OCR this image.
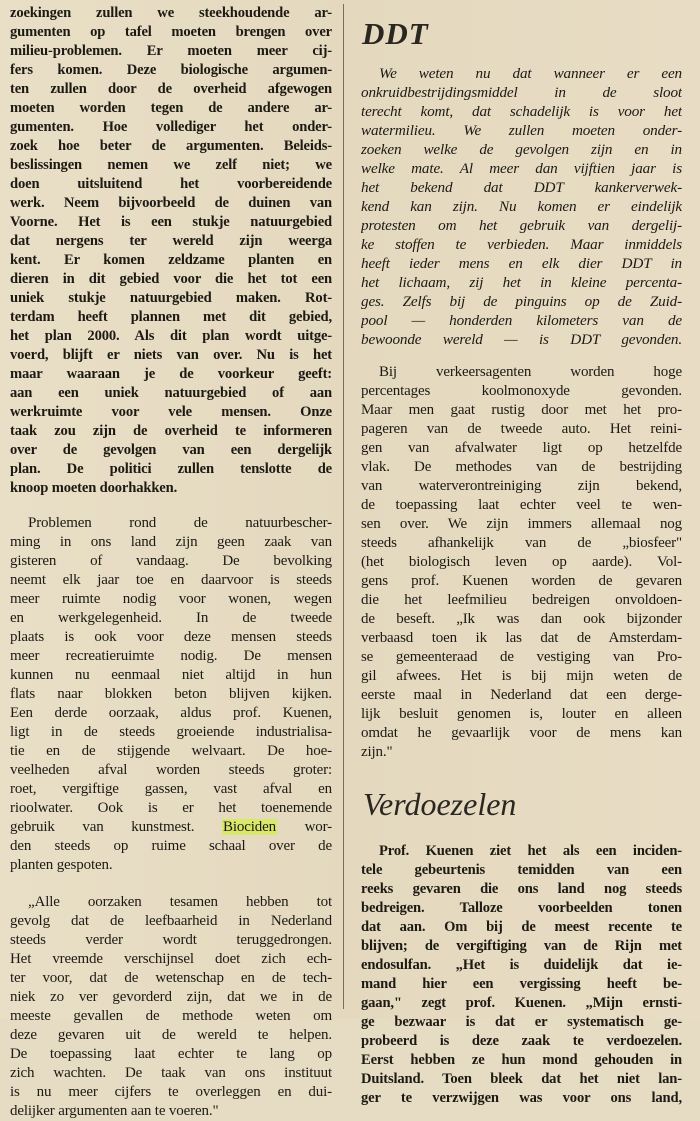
zoekingen zullen we steekhoudende ar-
gumenten op tafel moeten brengen over
milieu-problemen. Er moeten meer cij-
fers komen. Deze biologische argumen-
ten zullen door de overheid afgewogen
moeten worden tegen de andere ar-
gumenten. Hoe vollediger het onder-
zoek hoe beter de argumenten. Beleids-
beslissingen nemen we zelf niet; we
doen uitsluitend het voorbereidende
werk. Neem bijvoorbeeld de duinen van
Voorne. Het is een stukje natuurgebied
dat nergens ter wereld zijn weerga
kent. Er komen zeldzame planten en
dieren in dit gebied voor die het tot een
uniek stukje natuurgebied maken. Rot-
terdam heeft plannen met dit gebied,
het plan 2000. Als dit plan wordt uitge-
voerd, blijft er niets van over. Nu is het
maar waaraan je de voorkeur geeft:
aan een uniek natuurgebied of aan
werkruimte voor vele mensen. Onze
taak zou zijn de overheid te informeren
over de gevolgen van een dergelijk
plan. De politici zullen tenslotte de
knoop moeten doorhakken.
Problemen rond de natuurbescher-
ming in ons land zijn geen zaak van
gisteren of vandaag. De bevolking
neemt elk jaar toe en daarvoor is steeds
meer ruimte nodig voor wonen, wegen
en werkgelegenheid. In de tweede
plaats is ook voor deze mensen steeds
meer recreatieruimte nodig. De mensen
kunnen nu eenmaal niet altijd in hun
flats naar blokken beton blijven kijken.
Een derde oorzaak, aldus prof. Kuenen,
ligt in de steeds groeiende industrialisa-
tie en de stijgende welvaart. De hoe-
veelheden afval worden steeds groter:
roet, vergiftige gassen, vast afval en
rioolwater. Ook is er het toenemende
gebruik van kunstmest. Biociden wor-
den steeds op ruime schaal over de
planten gespoten.
„Alle oorzaken tesamen hebben tot
gevolg dat de leefbaarheid in Nederland
steeds verder wordt teruggedrongen.
Het vreemde verschijnsel doet zich ech-
ter voor, dat de wetenschap en de tech-
niek zo ver gevorderd zijn, dat we in de
meeste gevallen de methode weten om
deze gevaren uit de wereld te helpen.
De toepassing laat echter te lang op
zich wachten. De taak van ons instituut
is nu meer cijfers te overleggen en dui-
delijker argumenten aan te voeren."
DDT
We weten nu dat wanneer er een
onkruidbestrijdingsmiddel in de sloot
terecht komt, dat schadelijk is voor het
watermilieu. We zullen moeten onder-
zoeken welke de gevolgen zijn en in
welke mate. Al meer dan vijftien jaar is
het bekend dat DDT kankerverwek-
kend kan zijn. Nu komen er eindelijk
protesten om het gebruik van dergelij-
ke stoffen te verbieden. Maar inmiddels
heeft ieder mens en elk dier DDT in
het lichaam, zij het in kleine percenta-
ges. Zelfs bij de pinguins op de Zuid-
pool — honderden kilometers van de
bewoonde wereld — is DDT gevonden.
Bij verkeersagenten worden hoge
percentages koolmonoxyde gevonden.
Maar men gaat rustig door met het pro-
pageren van de tweede auto. Het reini-
gen van afvalwater ligt op hetzelfde
vlak. De methodes van de bestrijding
van waterverontreiniging zijn bekend,
de toepassing laat echter veel te wen-
sen over. We zijn immers allemaal nog
steeds afhankelijk van de „biosfeer"
(het biologisch leven op aarde). Vol-
gens prof. Kuenen worden de gevaren
die het leefmilieu bedreigen onvoldoen-
de beseft. „Ik was dan ook bijzonder
verbaasd toen ik las dat de Amsterdam-
se gemeenteraad de vestiging van Pro-
gil afwees. Het is bij mijn weten de
eerste maal in Nederland dat een derge-
lijk besluit genomen is, louter en alleen
omdat he gevaarlijk voor de mens kan
zijn."
Verdoezelen
Prof. Kuenen ziet het als een inciden-
tele gebeurtenis temidden van een
reeks gevaren die ons land nog steeds
bedreigen. Talloze voorbeelden tonen
dat aan. Om bij de meest recente te
blijven; de vergiftiging van de Rijn met
endosulfan. „Het is duidelijk dat ie-
mand hier een vergissing heeft be-
gaan," zegt prof. Kuenen. „Mijn ernsti-
ge bezwaar is dat er systematisch ge-
probeerd is deze zaak te verdoezelen.
Eerst hebben ze hun mond gehouden in
Duitsland. Toen bleek dat het niet lan-
ger te verzwijgen was voor ons land,
